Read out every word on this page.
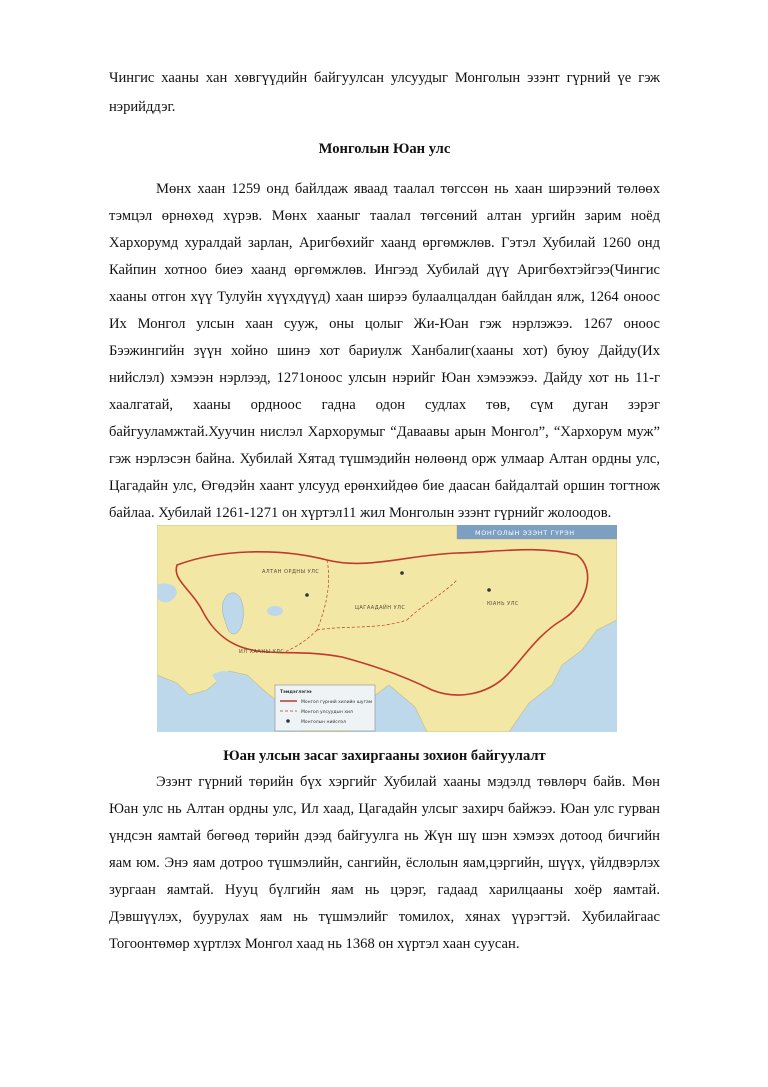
Чингис хааны хан хөвгүүдийн байгуулсан улсуудыг Монголын эзэнт гүрний үе гэж
нэрийддэг.
Монголын Юан улс
Мөнх хаан 1259 онд байлдаж яваад таалал төгссөн нь хаан ширээний төлөөх
тэмцэл өрнөхөд хүрэв. Мөнх хааныг таалал төгсөний алтан ургийн зарим ноёд
Хархорумд хуралдай зарлан, Аригбөхийг хаанд өргөмжлөв. Гэтэл Хубилай 1260 онд
Кайпин хотноо биеэ хаанд өргөмжлөв. Ингээд Хубилай дүү Аригбөхтэйгээ(Чингис
хааны отгон хүү Тулуйн хүүхдүүд) хаан ширээ булаалцалдан байлдан ялж, 1264 оноос
Их Монгол улсын хаан сууж, оны цолыг Жи-Юан гэж нэрлэжээ. 1267 оноос
Бээжингийн зүүн хойно шинэ хот бариулж Ханбалиг(хааны хот) буюу Дайду(Их
нийслэл) хэмээн нэрлээд, 1271оноос улсын нэрийг Юан хэмээжээ. Дайду хот нь 11-г
хаалгатай, хааны ордноос гадна одон судлах төв, сүм дуган зэрэг
байгууламжтай.Хуучин нислэл Хархорумыг “Даваавы арын Монгол”, “Хархорум муж”
гэж нэрлэсэн байна. Хубилай Хятад түшмэдийн нөлөөнд орж улмаар Алтан ордны улс,
Цагадайн улс, Өгөдэйн хаант улсууд ерөнхийдөө бие даасан байдалтай оршин тогтнож
байлаа. Хубилай 1261-1271 он хүртэл11 жил Монголын эзэнт гүрнийг жолоодов.
МОНГОЛЫН ЭЗЭНТ ГҮРЭН
АЛТАН ОРДНЫ УЛС
ИЛ ХААНЫ УЛС
ЦАГААДАЙН УЛС
ЮАНЬ УЛС
Тэмдэглэгээ
Монгол гүрний хилийн шугам
Монгол улсуудын хил
Монголын нийслэл
Юан улсын засаг захиргааны зохион байгуулалт
Эзэнт гүрний төрийн бүх хэргийг Хубилай хааны мэдэлд төвлөрч байв. Мөн
Юан улс нь Алтан ордны улс, Ил хаад, Цагадайн улсыг захирч байжээ. Юан улс гурван
үндсэн яамтай бөгөөд төрийн дээд байгуулга нь Жүн шү шэн хэмээх дотоод бичгийн
яам юм. Энэ яам дотроо түшмэлийн, сангийн, ёслолын яам,цэргийн, шүүх, үйлдвэрлэх
зургаан яамтай. Нууц бүлгийн яам нь цэрэг, гадаад харилцааны хоёр яамтай.
Дэвшүүлэх, буурулах яам нь түшмэлийг томилох, хянах үүрэгтэй. Хубилайгаас
Тогоонтөмөр хүртлэх Монгол хаад нь 1368 он хүртэл хаан суусан.
